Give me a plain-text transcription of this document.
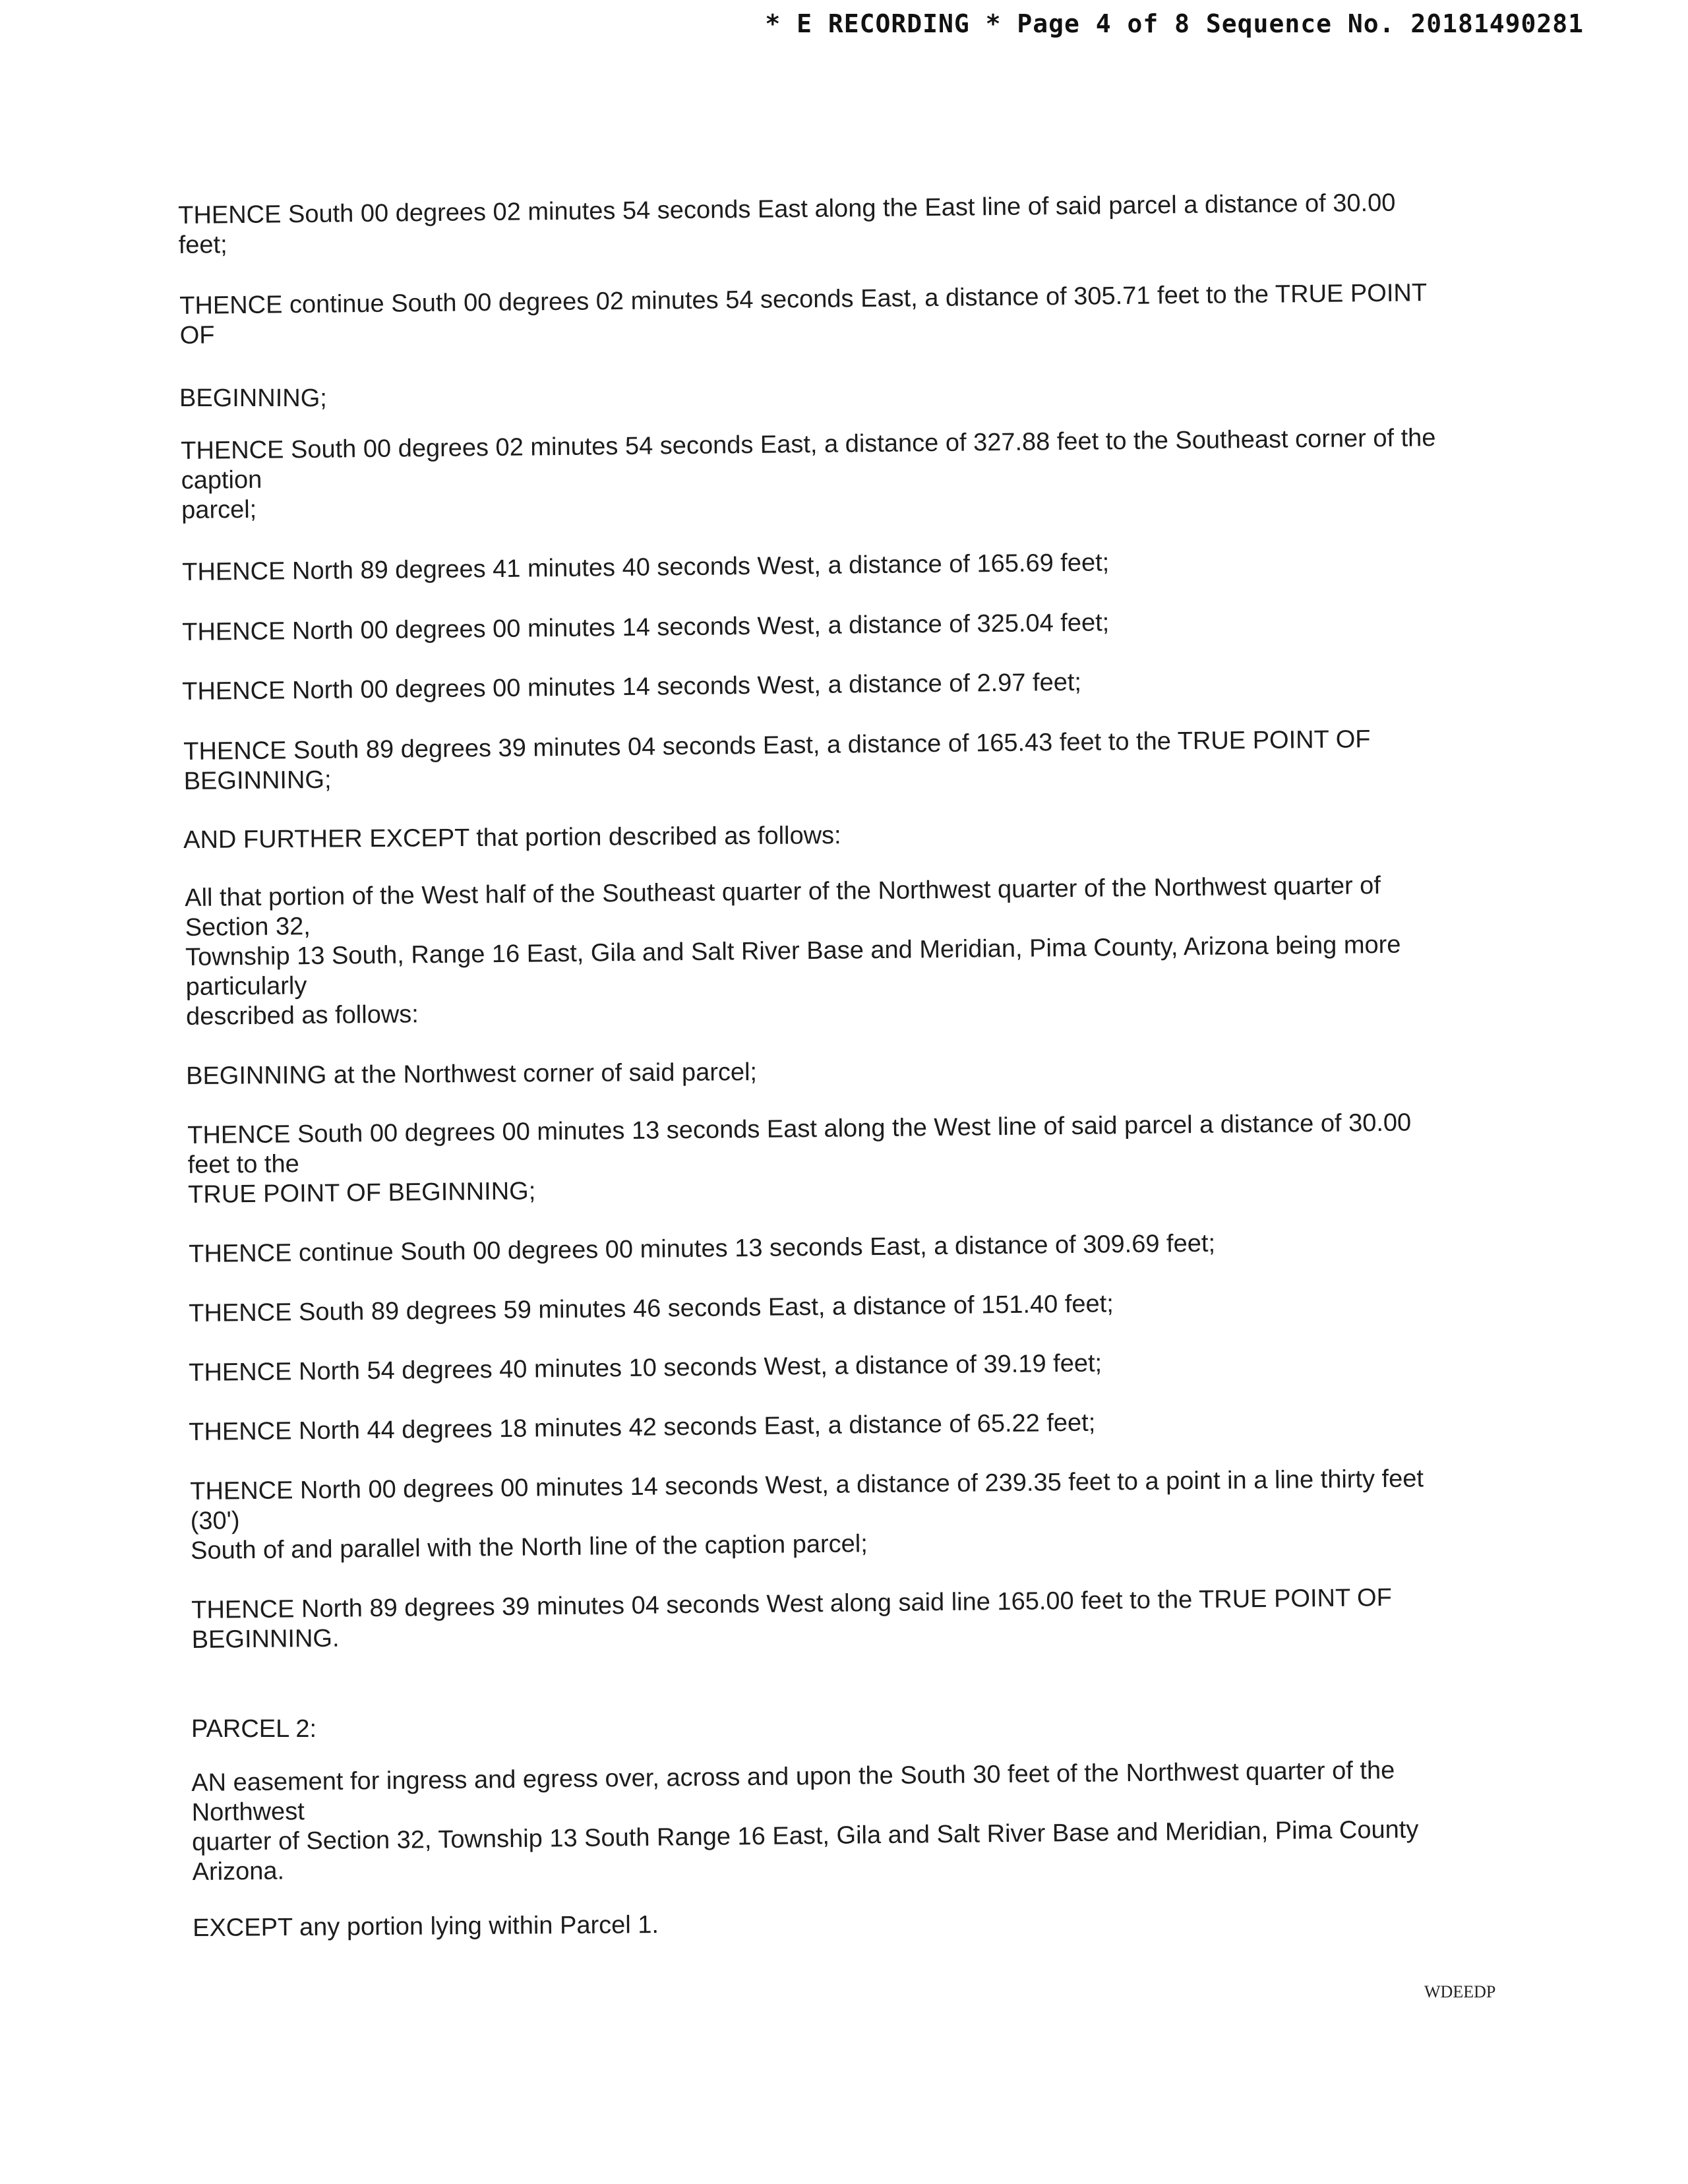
* E RECORDING * Page 4 of 8 Sequence No. 20181490281
THENCE South 00 degrees 02 minutes 54 seconds East along the East line of said parcel a distance of 30.00
feet;
THENCE continue South 00 degrees 02 minutes 54 seconds East, a distance of 305.71 feet to the TRUE POINT
OF
BEGINNING;
THENCE South 00 degrees 02 minutes 54 seconds East, a distance of 327.88 feet to the Southeast corner of the
caption
parcel;
THENCE North 89 degrees 41 minutes 40 seconds West, a distance of 165.69 feet;
THENCE North 00 degrees 00 minutes 14 seconds West, a distance of 325.04 feet;
THENCE North 00 degrees 00 minutes 14 seconds West, a distance of 2.97 feet;
THENCE South 89 degrees 39 minutes 04 seconds East, a distance of 165.43 feet to the TRUE POINT OF
BEGINNING;
AND FURTHER EXCEPT that portion described as follows:
All that portion of the West half of the Southeast quarter of the Northwest quarter of the Northwest quarter of
Section 32,
Township 13 South, Range 16 East, Gila and Salt River Base and Meridian, Pima County, Arizona being more
particularly
described as follows:
BEGINNING at the Northwest corner of said parcel;
THENCE South 00 degrees 00 minutes 13 seconds East along the West line of said parcel a distance of 30.00
feet to the
TRUE POINT OF BEGINNING;
THENCE continue South 00 degrees 00 minutes 13 seconds East, a distance of 309.69 feet;
THENCE South 89 degrees 59 minutes 46 seconds East, a distance of 151.40 feet;
THENCE North 54 degrees 40 minutes 10 seconds West, a distance of 39.19 feet;
THENCE North 44 degrees 18 minutes 42 seconds East, a distance of 65.22 feet;
THENCE North 00 degrees 00 minutes 14 seconds West, a distance of 239.35 feet to a point in a line thirty feet
(30')
South of and parallel with the North line of the caption parcel;
THENCE North 89 degrees 39 minutes 04 seconds West along said line 165.00 feet to the TRUE POINT OF
BEGINNING.
PARCEL 2:
AN easement for ingress and egress over, across and upon the South 30 feet of the Northwest quarter of the
Northwest
quarter of Section 32, Township 13 South Range 16 East, Gila and Salt River Base and Meridian, Pima County
Arizona.
EXCEPT any portion lying within Parcel 1.
WDEEDP
